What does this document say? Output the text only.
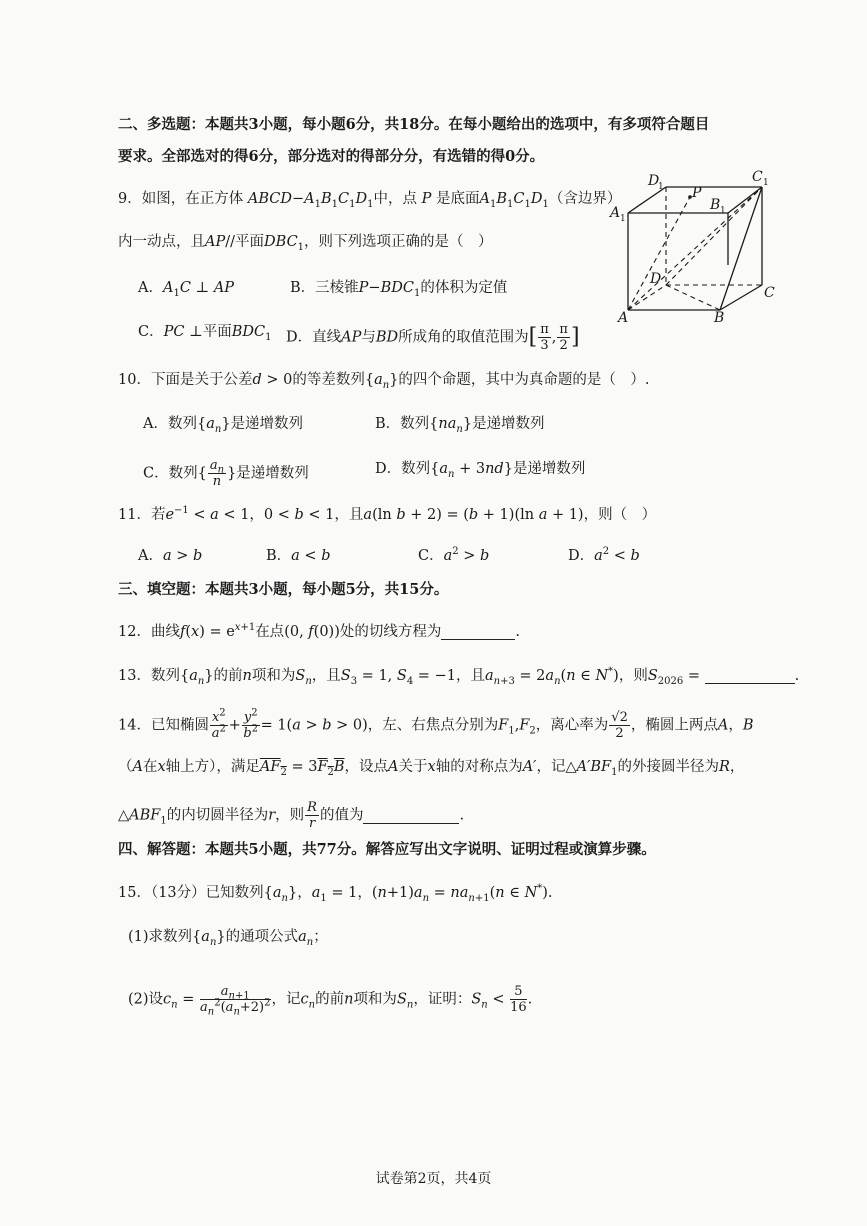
二、多选题：本题共3小题，每小题6分，共18分。在每小题给出的选项中，有多项符合题目
要求。全部选对的得6分，部分选对的得部分分，有选错的得0分。
9．如图，在正方体 $ABCD-A_1B_1C_1D_1$中，点 P 是底面$A_1B_1C_1D_1$（含边界）
内一动点，且AP//平面$DBC_1$，则下列选项正确的是（　）
A．$A_1C$ ⊥ AP	B．三棱锥$P-BDC_1$的体积为定值
C．PC ⊥平面$BDC_1$ D．直线AP与BD所成角的取值范围为[ $\frac{\pi}{3}$ , $\frac{\pi}{2}$ ]
D
1
C 1
A 1
B 1
P
D
C
A	B
10．下面是关于公差d > 0的等差数列$\{a_n\}$的四个命题，其中为真命题的是（　）.
A．数列$\{a_n\}$是递增数列	B．数列$\{na_n\}$是递增数列
C．数列{ $\frac{a_n}{n}$ }是递增数列	D．数列$\{a_n + 3nd\}$是递增数列
11．若$e^{-1} < a < 1$，0 < b < 1，且a(ln b + 2) = (b + 1)(ln a + 1)，则（　）
A．a > b	B．a < b	C．$a^2 > b$	D．$a^2 < b$
三、填空题：本题共3小题，每小题5分，共15分。
12．曲线$f(x) = e^{x+1}$在点(0, f(0))处的切线方程为	.
13．数列$\{a_n\}$的前n项和为$S_n$，且$S_3 = 1$, $S_4 = -1$，且$a_{n+3} = 2a_n(n$ ∈ N*)，则$S_{2026}$ =	.
14．已知椭圆 $\frac{x^2}{a^2} + \frac{y^2}{b^2} = 1(a > b > 0)$，左、右焦点分别为$F_1,F_2$，离心率为 $\frac{√2}{2}$ ，椭圆上两点A，B
（A在x轴上方），满足$\overline{AF}_2 = 3\overline{F}_2\overline{B}$，设点A关于x轴的对称点为A′，记$\triangle A'BF_1$的外接圆半径为R，
$\triangle ABF_1$的内切圆半径为r，则 $\frac{R}{r}$ 的值为	.
四、解答题：本题共5小题，共77分。解答应写出文字说明、证明过程或演算步骤。
15．（13分）已知数列$\{a_n\}$，$a_1 = 1$，$(n+1)a_n = na_{n+1}(n$ ∈ N*).
(1)求数列$\{a_n\}$的通项公式$a_n$；
(2)设$c_n = \frac{a_{n+1}}{a_n^2(a_n+2)^2}$ ，记$c_n$的前n项和为$S_n$，证明：$S_n < \frac{5}{16}$ .
试卷第2页，共4页
